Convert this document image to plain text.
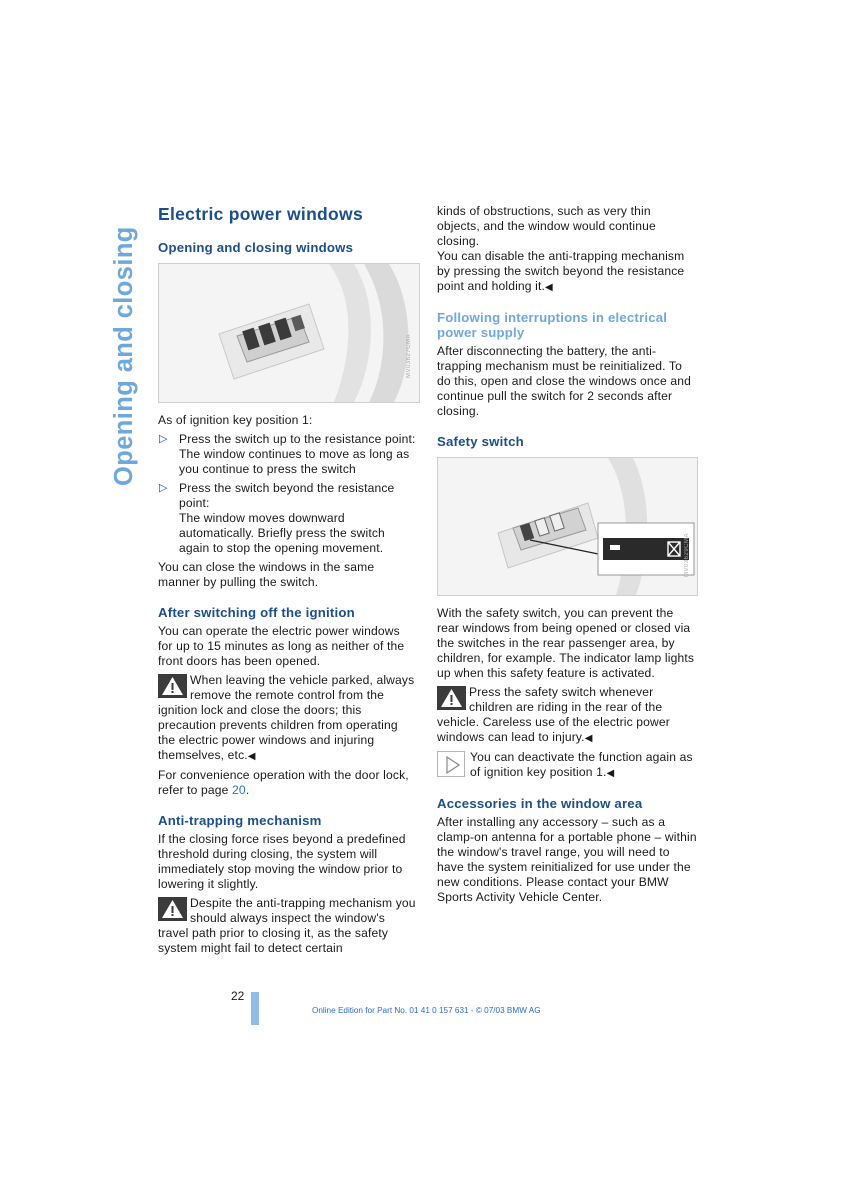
Opening and closing
Electric power windows
Opening and closing windows
MV03627CMA

As of ignition key position 1:

▷ Press the switch up to the resistance point:
The window continues to move as long as you continue to press the switch
▷ Press the switch beyond the resistance point:
The window moves downward automatically. Briefly press the switch again to stop the opening movement.

You can close the windows in the same manner by pulling the switch.

After switching off the ignition

You can operate the electric power windows for up to 15 minutes as long as neither of the front doors has been opened.

When leaving the vehicle parked, always remove the remote control from the ignition lock and close the doors; this precaution prevents children from operating the electric power windows and injuring themselves, etc.◀

For convenience operation with the door lock, refer to page 20.

Anti-trapping mechanism

If the closing force rises beyond a predefined threshold during closing, the system will immediately stop moving the window prior to lowering it slightly.

Despite the anti-trapping mechanism you should always inspect the window's travel path prior to closing it, as the safety system might fail to detect certain

kinds of obstructions, such as very thin objects, and the window would continue closing.

You can disable the anti-trapping mechanism by pressing the switch beyond the resistance point and holding it.◀

Following interruptions in electrical power supply

After disconnecting the battery, the anti-trapping mechanism must be reinitialized. To do this, open and close the windows once and continue pull the switch for 2 seconds after closing.

Safety switch
MV03629CMA

With the safety switch, you can prevent the rear windows from being opened or closed via the switches in the rear passenger area, by children, for example. The indicator lamp lights up when this safety feature is activated.

Press the safety switch whenever children are riding in the rear of the vehicle. Careless use of the electric power windows can lead to injury.◀
You can deactivate the function again as of ignition key position 1.◀
Accessories in the window area

After installing any accessory – such as a clamp-on antenna for a portable phone – within the window's travel range, you will need to have the system reinitialized for use under the new conditions. Please contact your BMW Sports Activity Vehicle Center.

22
Online Edition for Part No. 01 41 0 157 631 - © 07/03 BMW AG
